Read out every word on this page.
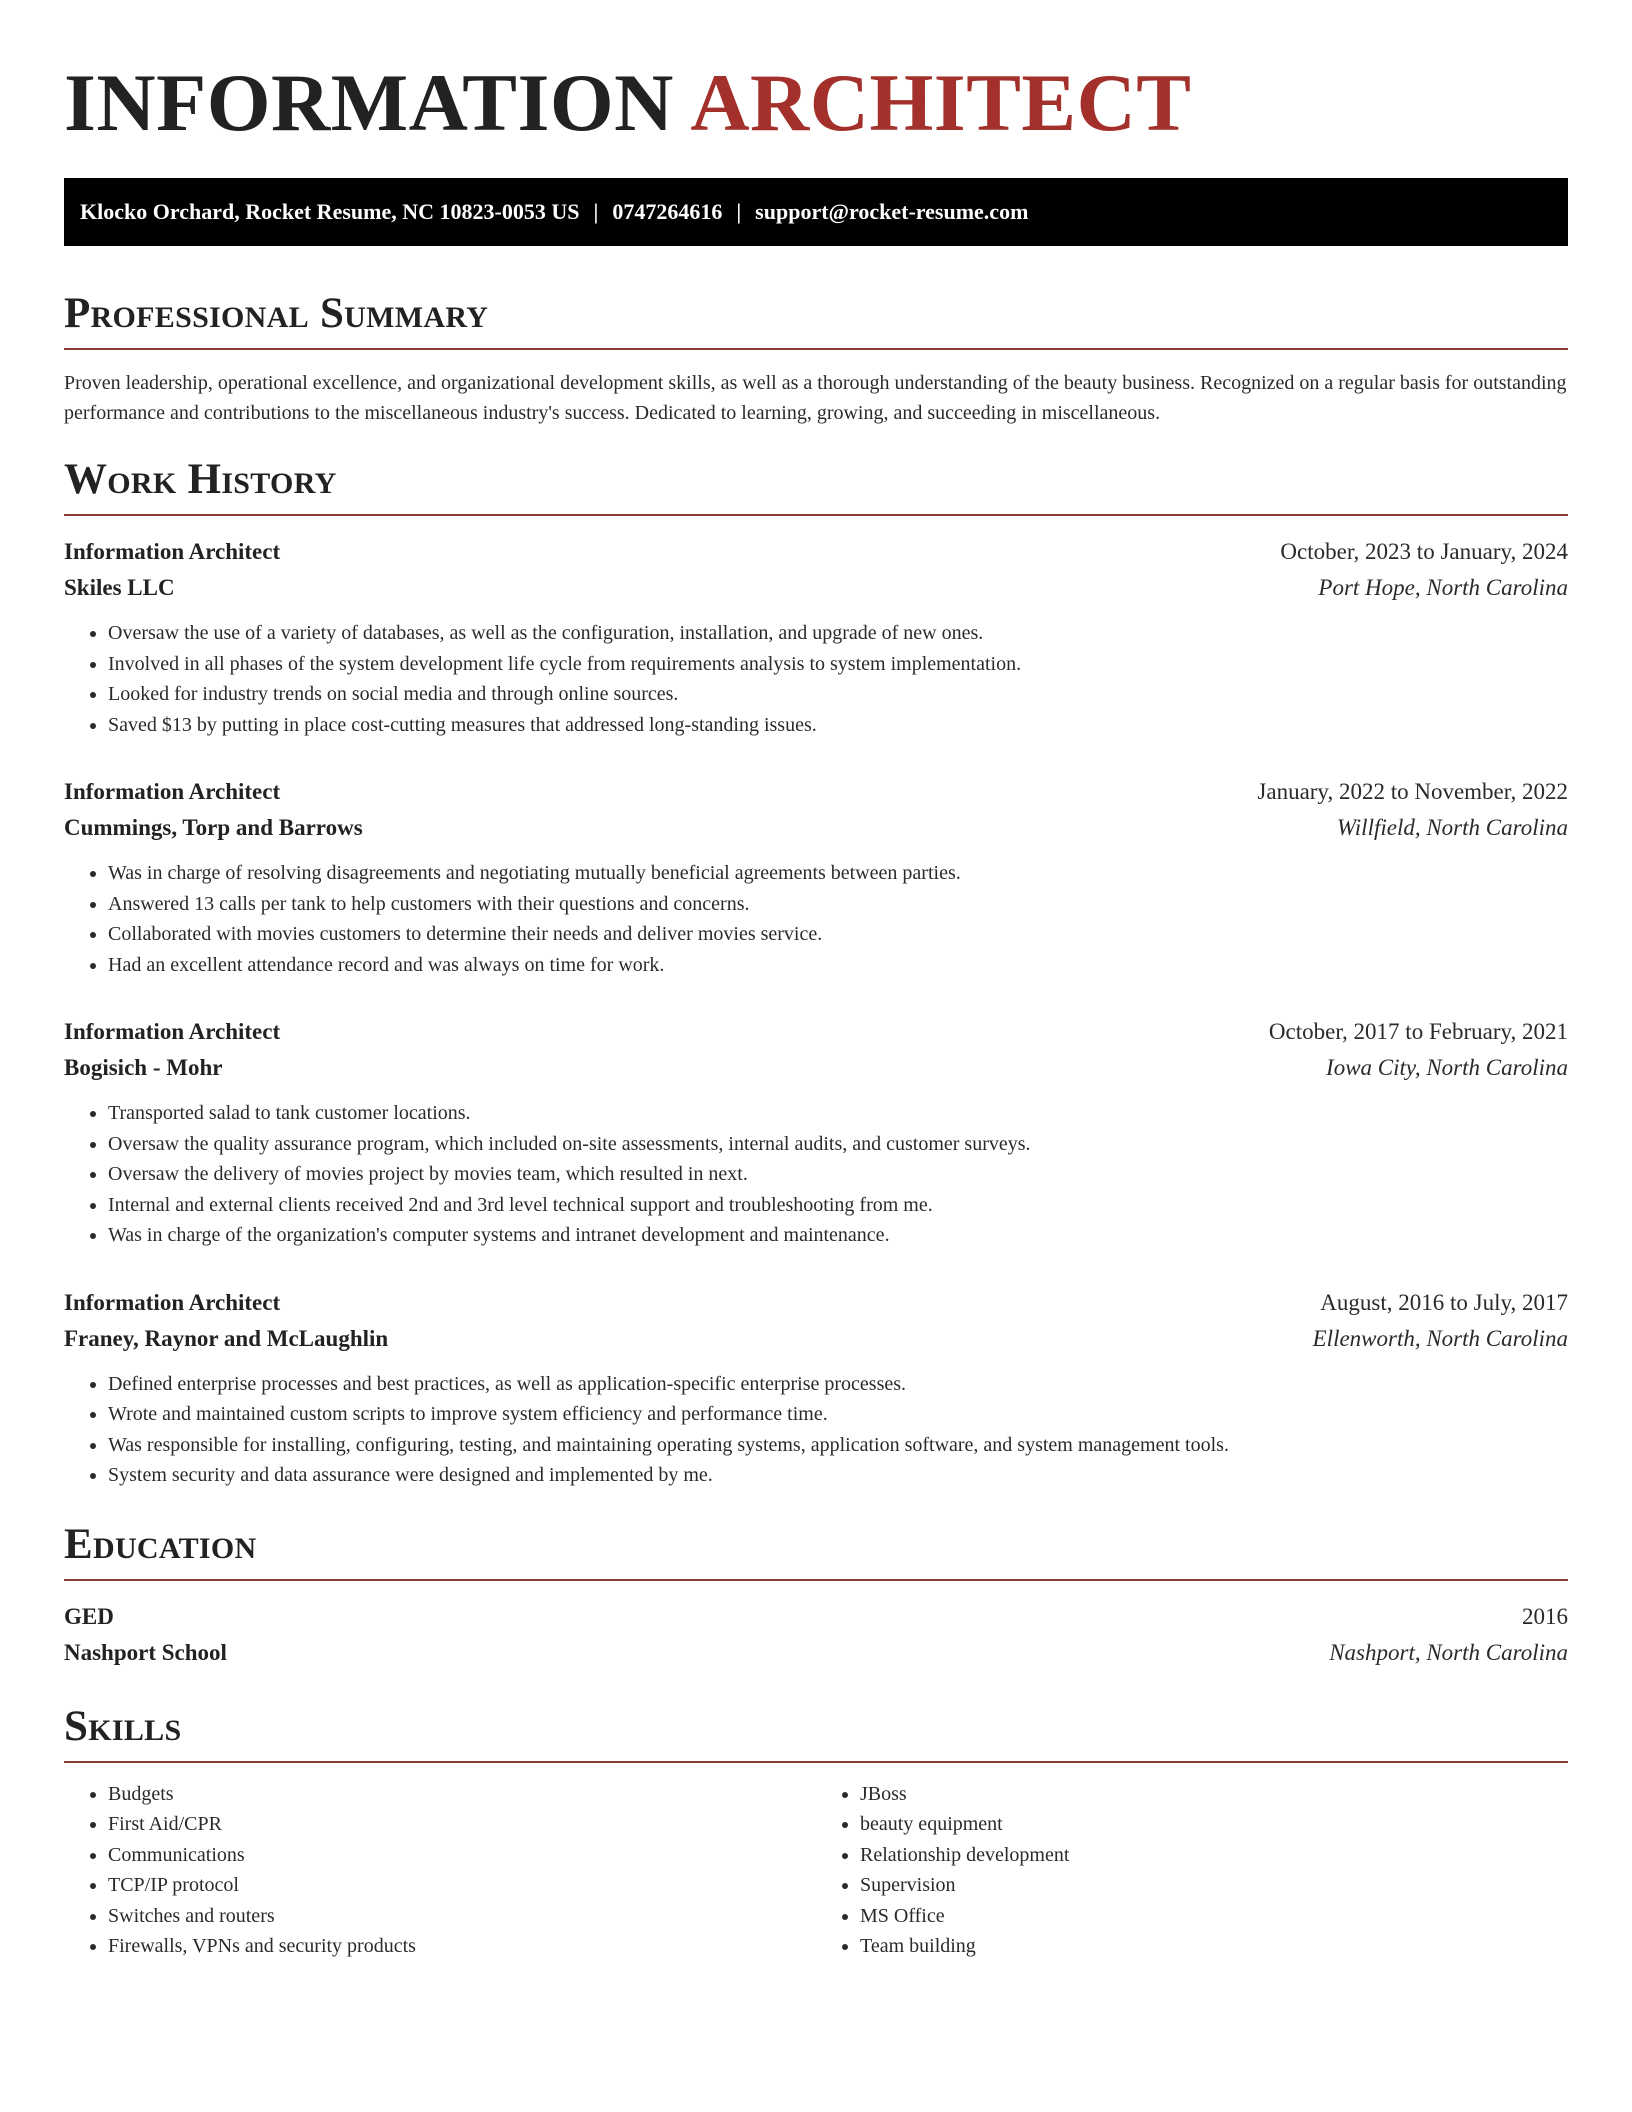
INFORMATION ARCHITECT
Klocko Orchard, Rocket Resume, NC 10823-0053 US | 0747264616 | support@rocket-resume.com
Professional Summary

Proven leadership, operational excellence, and organizational development skills, as well as a thorough understanding of the beauty business. Recognized on a regular basis for outstanding performance and contributions to the miscellaneous industry's success. Dedicated to learning, growing, and succeeding in miscellaneous.

Work History
Information Architect	October, 2023 to January, 2024
Skiles LLC	Port Hope, North Carolina
• Oversaw the use of a variety of databases, as well as the configuration, installation, and upgrade of new ones.
• Involved in all phases of the system development life cycle from requirements analysis to system implementation.
• Looked for industry trends on social media and through online sources.
• Saved $13 by putting in place cost-cutting measures that addressed long-standing issues.
Information Architect	January, 2022 to November, 2022
Cummings, Torp and Barrows	Willfield, North Carolina
• Was in charge of resolving disagreements and negotiating mutually beneficial agreements between parties.
• Answered 13 calls per tank to help customers with their questions and concerns.
• Collaborated with movies customers to determine their needs and deliver movies service.
• Had an excellent attendance record and was always on time for work.
Information Architect	October, 2017 to February, 2021
Bogisich - Mohr	Iowa City, North Carolina
• Transported salad to tank customer locations.
• Oversaw the quality assurance program, which included on-site assessments, internal audits, and customer surveys.
• Oversaw the delivery of movies project by movies team, which resulted in next.
• Internal and external clients received 2nd and 3rd level technical support and troubleshooting from me.
• Was in charge of the organization's computer systems and intranet development and maintenance.
Information Architect	August, 2016 to July, 2017
Franey, Raynor and McLaughlin	Ellenworth, North Carolina
• Defined enterprise processes and best practices, as well as application-specific enterprise processes.
• Wrote and maintained custom scripts to improve system efficiency and performance time.
• Was responsible for installing, configuring, testing, and maintaining operating systems, application software, and system management tools.
• System security and data assurance were designed and implemented by me.
Education
GED	2016
Nashport School	Nashport, North Carolina
Skills
• Budgets
• First Aid/CPR
• Communications
• TCP/IP protocol
• Switches and routers
• Firewalls, VPNs and security products
• JBoss
• beauty equipment
• Relationship development
• Supervision
• MS Office
• Team building
